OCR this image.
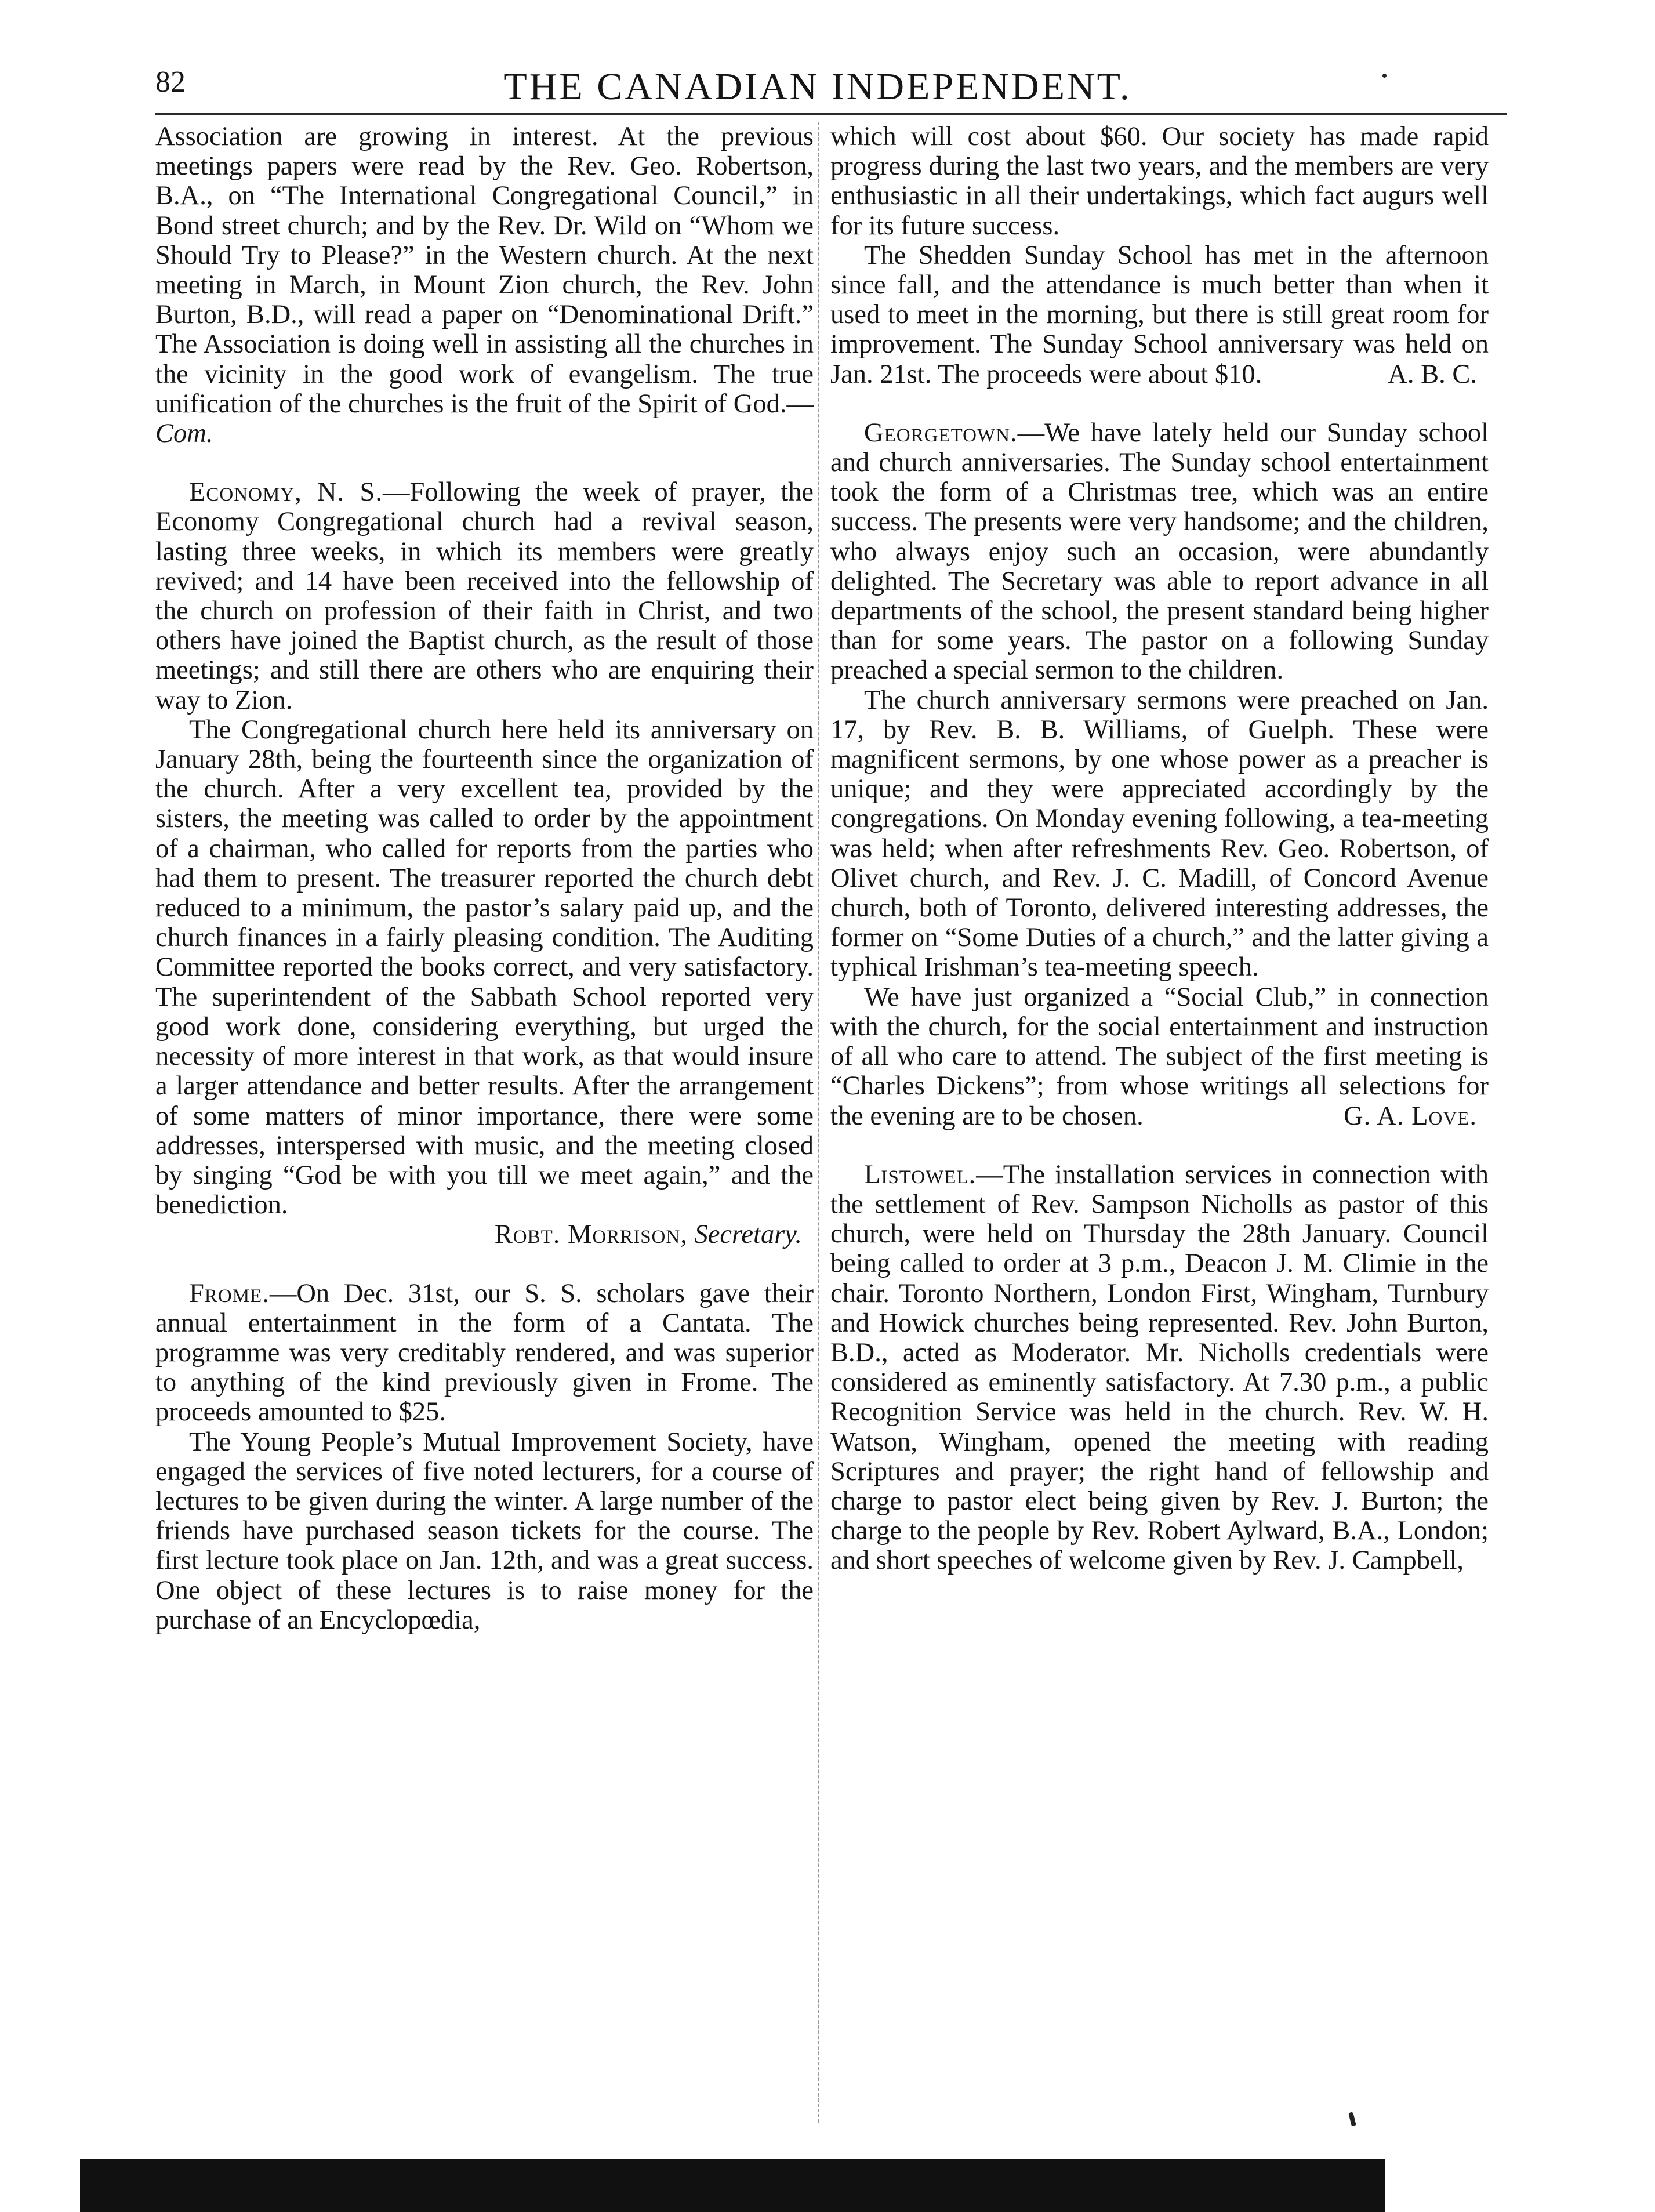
82	THE CANADIAN INDEPENDENT.

Association are growing in interest. At the previous meetings papers were read by the Rev. Geo. Robertson, B.A., on “The International Congregational Council,” in Bond street church; and by the Rev. Dr. Wild on “Whom we Should Try to Please?” in the Western church. At the next meeting in March, in Mount Zion church, the Rev. John Burton, B.D., will read a paper on “Denominational Drift.” The Association is doing well in assisting all the churches in the vicinity in the good work of evangelism. The true unification of the churches is the fruit of the Spirit of God.—Com.

Economy, N. S.—Following the week of prayer, the Economy Congregational church had a revival season, lasting three weeks, in which its members were greatly revived; and 14 have been received into the fellowship of the church on profession of their faith in Christ, and two others have joined the Baptist church, as the result of those meetings; and still there are others who are enquiring their way to Zion.

The Congregational church here held its anniversary on January 28th, being the fourteenth since the organization of the church. After a very excellent tea, provided by the sisters, the meeting was called to order by the appointment of a chairman, who called for reports from the parties who had them to present. The treasurer reported the church debt reduced to a minimum, the pastor’s salary paid up, and the church finances in a fairly pleasing condition. The Auditing Committee reported the books correct, and very satisfactory. The superintendent of the Sabbath School reported very good work done, considering everything, but urged the necessity of more interest in that work, as that would insure a larger attendance and better results. After the arrangement of some matters of minor importance, there were some addresses, interspersed with music, and the meeting closed by singing “God be with you till we meet again,” and the benediction.

Robt. Morrison, Secretary.

Frome.—On Dec. 31st, our S. S. scholars gave their annual entertainment in the form of a Cantata. The programme was very creditably rendered, and was superior to anything of the kind previously given in Frome. The proceeds amounted to $25.

The Young People’s Mutual Improvement Society, have engaged the services of five noted lecturers, for a course of lectures to be given during the winter. A large number of the friends have purchased season tickets for the course. The first lecture took place on Jan. 12th, and was a great success. One object of these lectures is to raise money for the purchase of an Encyclopœdia,

which will cost about $60. Our society has made rapid progress during the last two years, and the members are very enthusiastic in all their undertakings, which fact augurs well for its future success.

The Shedden Sunday School has met in the afternoon since fall, and the attendance is much better than when it used to meet in the morning, but there is still great room for improvement. The Sunday School anniversary was held on Jan. 21st. The proceeds were about $10.	A. B. C.

Georgetown.—We have lately held our Sunday school and church anniversaries. The Sunday school entertainment took the form of a Christmas tree, which was an entire success. The presents were very handsome; and the children, who always enjoy such an occasion, were abundantly delighted. The Secretary was able to report advance in all departments of the school, the present standard being higher than for some years. The pastor on a following Sunday preached a special sermon to the children.

The church anniversary sermons were preached on Jan. 17, by Rev. B. B. Williams, of Guelph. These were magnificent sermons, by one whose power as a preacher is unique; and they were appreciated accordingly by the congregations. On Monday evening following, a tea-meeting was held; when after refreshments Rev. Geo. Robertson, of Olivet church, and Rev. J. C. Madill, of Concord Avenue church, both of Toronto, delivered interesting addresses, the former on “Some Duties of a church,” and the latter giving a typhical Irishman’s tea-meeting speech.

We have just organized a “Social Club,” in connection with the church, for the social entertainment and instruction of all who care to attend. The subject of the first meeting is “Charles Dickens”; from whose writings all selections for the evening are to be chosen.	G. A. Love.

Listowel.—The installation services in connection with the settlement of Rev. Sampson Nicholls as pastor of this church, were held on Thursday the 28th January. Council being called to order at 3 p.m., Deacon J. M. Climie in the chair. Toronto Northern, London First, Wingham, Turnbury and Howick churches being represented. Rev. John Burton, B.D., acted as Moderator. Mr. Nicholls credentials were considered as eminently satisfactory. At 7.30 p.m., a public Recognition Service was held in the church. Rev. W. H. Watson, Wingham, opened the meeting with reading Scriptures and prayer; the right hand of fellowship and charge to pastor elect being given by Rev. J. Burton; the charge to the people by Rev. Robert Aylward, B.A., London; and short speeches of welcome given by Rev. J. Campbell,
